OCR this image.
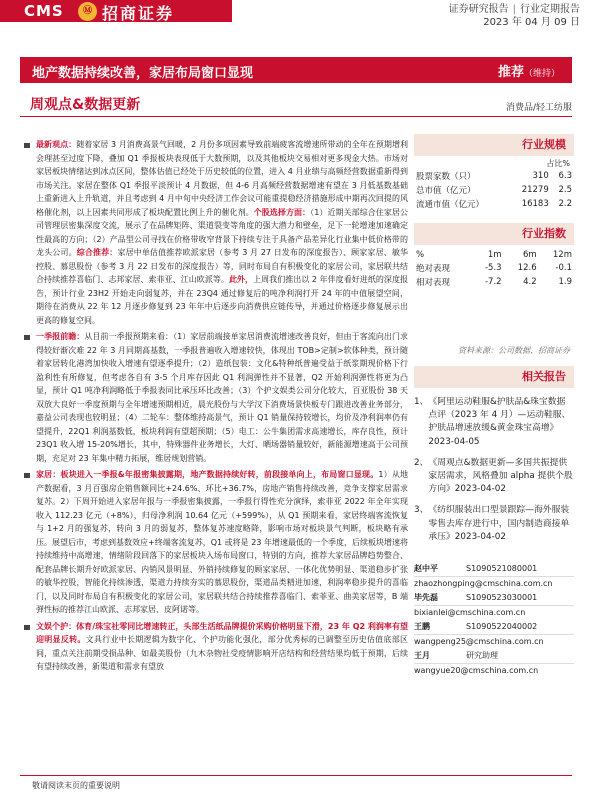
CMS	Ⓜ 招商证券	证券研究报告 | 行业定期报告
2023 年 04 月 09 日
地产数据持续改善，家居布局窗口显现	推荐（维持）
周观点&数据更新	消费品/轻工纺服

最新观点：随着家居 3 月消费高景气回暖，2 月份多项因素导致前端疲客流增速所带动的全年在预期增利会理甚至过度下降，叠加 Q1 季报板块表现低于大数预期，以及其他板块交易相对更多现金大热。市场对家居板块情绪达到冰点区间，整体估值已经处于历史较低的位置，进入 4 月业绩与高频经营数据重新得到市场关注。家居在整体 Q1 季报平淡预计 4 月数据，但 4-6 月高频经营数据增速有望在 3 月低基数基础上重新进入上升轨道，并且考虑到 4 月中旬中央经济工作会议可能重提稳经济措施形成中期再次回提的风格催化剂，以上因素共同形成了板块配置比例上升的催化剂。个股选择方面：（1）近期关部综合住家居公司管理层密集深度交流，展示了在品牌矩阵、渠道裂变等角度的强大潜力和壁垒，足下一轮增速加速确定性最高的方向；（2）产品型公司寻找在价格带收窄背景下持续专注于具备产品差异化行业集中低价格带的龙头公司。综合推荐：家居中单估值推荐欧派家居（参考 3 月 27 日发布的深度报告）、顾家家居、敏华控股、慕思股份（参考 3 月 22 日发布的深度报告）等，同时布局自有积极变化的家居公司，家居联共结合持续推荐喜临门、志邦家居、索菲亚、江山欧派等。此外，上周我们推出以 2 年伴度看好进纸的深度报告，预计行业 23H2 开始走向弱复苏，并在 23Q4 通过修复后的吨净利润打开 24 年的中值展望空间，期待在消费从 22 年 12 月逐步修复到 23 年年中后逐步向消费供应链传导，并通过价格逐步修复展示出更高的修复空间。

一季报前瞻：从目前一季报预期来看：（1）家居前端接单家居消费流增速改善良好，但由于客流向出门求得较好渐次难 22 年 3 月同期高基数，一季报普遍收入增速较快，体现出 TOB>定制>软体种类，预计随着家居转化港湾加快收入增速有望逐季提升；（2）造纸包装：文化&特种纸普遍受益于纸浆期现价格下行盈利性有所修复，但考虑各自有 3-5 个月库存因此 Q1 利润弹性并不显著，Q2 开始利润弹性将更为凸显，预计 Q1 吨净利润略低于季报表同比承压环比改善；（3）个护文娱类公司分化较大，百亚股份 38 天双放大良好一季度预期与全年增速预期相近，晨光股份与大学汉下消费场景快板专门跟进改善业务部分，嘉益公司表现也较明显；（4）二轮车：整体维持高景气，预计 Q1 销量保持较增长，均价及净利润率仍有望提升，22Q1 利润基数低，板块利润有望超预期；（5）电工：公牛集团需求高速增长，库存良性，预计 23Q1 收入增 15-20%增长，其中，特殊器件业务增长，大灯、晒场器销量较好，新能源增速高于公司预期，充足对 23 年集中精力拓展，维居规划营销。

家居：板块进入一季报&年报密集披露期，地产数据持续好转，前段接单向上，布局窗口显现。1）从地产数据看，3 月百强房企销售额同比+24.6%、环比+36.7%，房地产销售持续改善，竞争支撑家居需求复苏。2）下周开始进入家居年报与一季报密集披露，一季报行得性充分演绎，索菲亚 2022 年全年实现收入 112.23 亿元（+8%），归母净利润 10.64 亿元（+599%），从 Q1 预期来看，家居终端客流恢复与 1+2 月的强复苏，转向 3 月的弱复苏，整体复苏速度略降，影响市场对板块景气判断，板块略有承压。展望后市，考虑到基数效应+终端客流复苏，Q1 或将是 23 年增速最低的一个季度，后续板块增速将持续维持中高增速，情绪阶段回落下的家居板块入场布局窗口，特别的方向，推荐大家居品牌趋势整合、配套品牌长期升好欧派家居、内销风景明显、外销持续修复的顾家家居、一体化优势明显、渠道稳步扩张的敏华控股，智能化持续渗透，渠道力持续夯实的慕思股份，渠道品类精进加速，利润率稳步提升的喜临门，以及同时布局自有积极变化的家居公司，家居联共结合持续推荐喜临门、索菲亚、曲美家居等，B 端弹性标的推荐江山欧派、志邦家居、皮阿诺等。

文娱个护：体育/珠宝社零同比增速转正，头部生活纸品牌提价采购价格明显下滑，23 年 Q2 利润率有望迎明显反转。文具行业中长期逻辑为数字化、个护功能化强化，部分优秀标的已调整至历史估值底部区间，重点关注前期受损品种、如最美股份（九木杂物社受疫情影响开店结构和经营结果均低于预期，后续有望持续改善，新渠道和需求有望放

行业规模
占比%
股票家数（只）	310	6.3
总市值（亿元）	21279	2.5
流通市值（亿元）	16183	2.2
行业指数
%	1m	6m	12m
绝对表现	-5.3	12.6	-0.1
相对表现	-7.2	4.2	1.9
资料来源：公司数据、招商证券
相关报告
1、 《阿里运动鞋服&护肤品&珠宝数据点评（2023 年 4 月）—运动鞋服、护肤品增速放缓&黄金珠宝高增》2023-04-05
2、 《周观点&数据更新—多国共振提供家居需求，风格叠加 alpha 提供个股方向》2023-04-02
3、 《纺织服装出口型景跟踪—海外服装零售去库存进行中，国内制造商接单承压》2023-04-02
赵中平	S1090521080001
zhaozhongping@cmschina.com.cn
毕先磊	S1090523030001
bixianlei@cmschina.com.cn
王鹏	S1090522040002
wangpeng25@cmschina.com.cn
王月	研究助理
wangyue20@cmschina.com.cn
敬请阅读末页的重要说明
